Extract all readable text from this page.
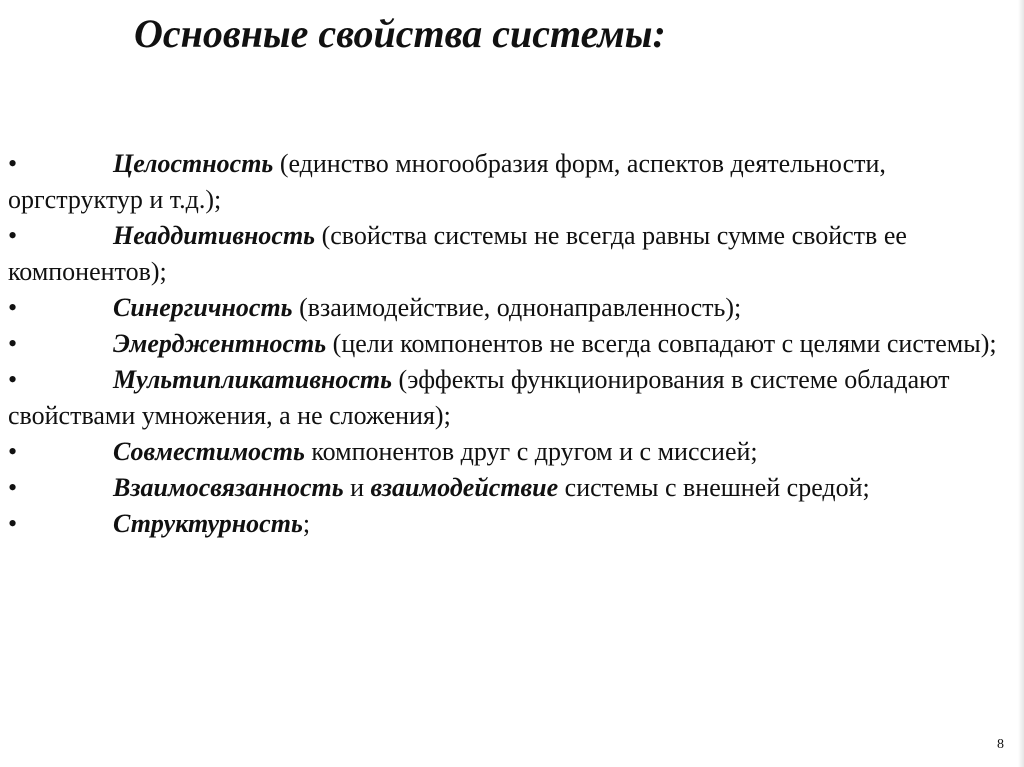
Основные свойства системы:
•	Целостность (единство многообразия форм, аспектов деятельности, оргструктур и т.д.);
•	Неаддитивность (свойства системы не всегда равны сумме свойств ее компонентов);
•	Синергичность (взаимодействие, однонаправленность);
•	Эмерджентность (цели компонентов не всегда совпадают с целями системы);
•	Мультипликативность (эффекты функционирования в системе обладают свойствами умножения, а не сложения);
•	Совместимость компонентов друг с другом и с миссией;
•	Взаимосвязанность и взаимодействие системы с внешней средой;
•	Структурность;
8
